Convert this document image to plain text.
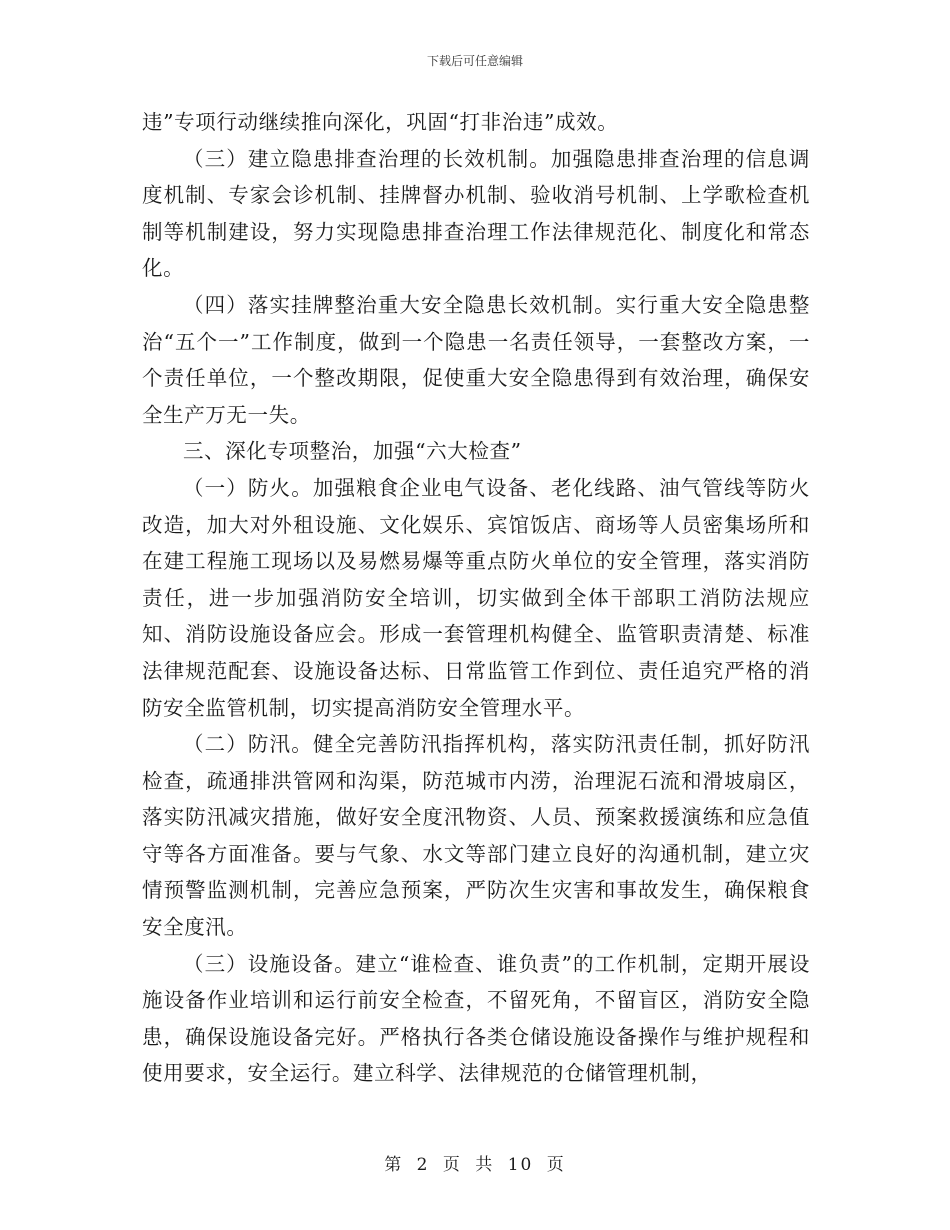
下载后可任意编辑

违”专项行动继续推向深化，巩固“打非治违”成效。

（三）建立隐患排查治理的长效机制。加强隐患排查治理的信息调度机制、专家会诊机制、挂牌督办机制、验收消号机制、上学歌检查机制等机制建设，努力实现隐患排查治理工作法律规范化、制度化和常态化。

（四）落实挂牌整治重大安全隐患长效机制。实行重大安全隐患整治“五个一”工作制度，做到一个隐患一名责任领导，一套整改方案，一个责任单位，一个整改期限，促使重大安全隐患得到有效治理，确保安全生产万无一失。

三、深化专项整治，加强“六大检查”

（一）防火。加强粮食企业电气设备、老化线路、油气管线等防火改造，加大对外租设施、文化娱乐、宾馆饭店、商场等人员密集场所和在建工程施工现场以及易燃易爆等重点防火单位的安全管理，落实消防责任，进一步加强消防安全培训，切实做到全体干部职工消防法规应知、消防设施设备应会。形成一套管理机构健全、监管职责清楚、标准法律规范配套、设施设备达标、日常监管工作到位、责任追究严格的消防安全监管机制，切实提高消防安全管理水平。

（二）防汛。健全完善防汛指挥机构，落实防汛责任制，抓好防汛检查，疏通排洪管网和沟渠，防范城市内涝，治理泥石流和滑坡扇区，落实防汛减灾措施，做好安全度汛物资、人员、预案救援演练和应急值守等各方面准备。要与气象、水文等部门建立良好的沟通机制，建立灾情预警监测机制，完善应急预案，严防次生灾害和事故发生，确保粮食安全度汛。

（三）设施设备。建立“谁检查、谁负责”的工作机制，定期开展设施设备作业培训和运行前安全检查，不留死角，不留盲区，消防安全隐患，确保设施设备完好。严格执行各类仓储设施设备操作与维护规程和使用要求，安全运行。建立科学、法律规范的仓储管理机制，

第 2 页 共 10 页
